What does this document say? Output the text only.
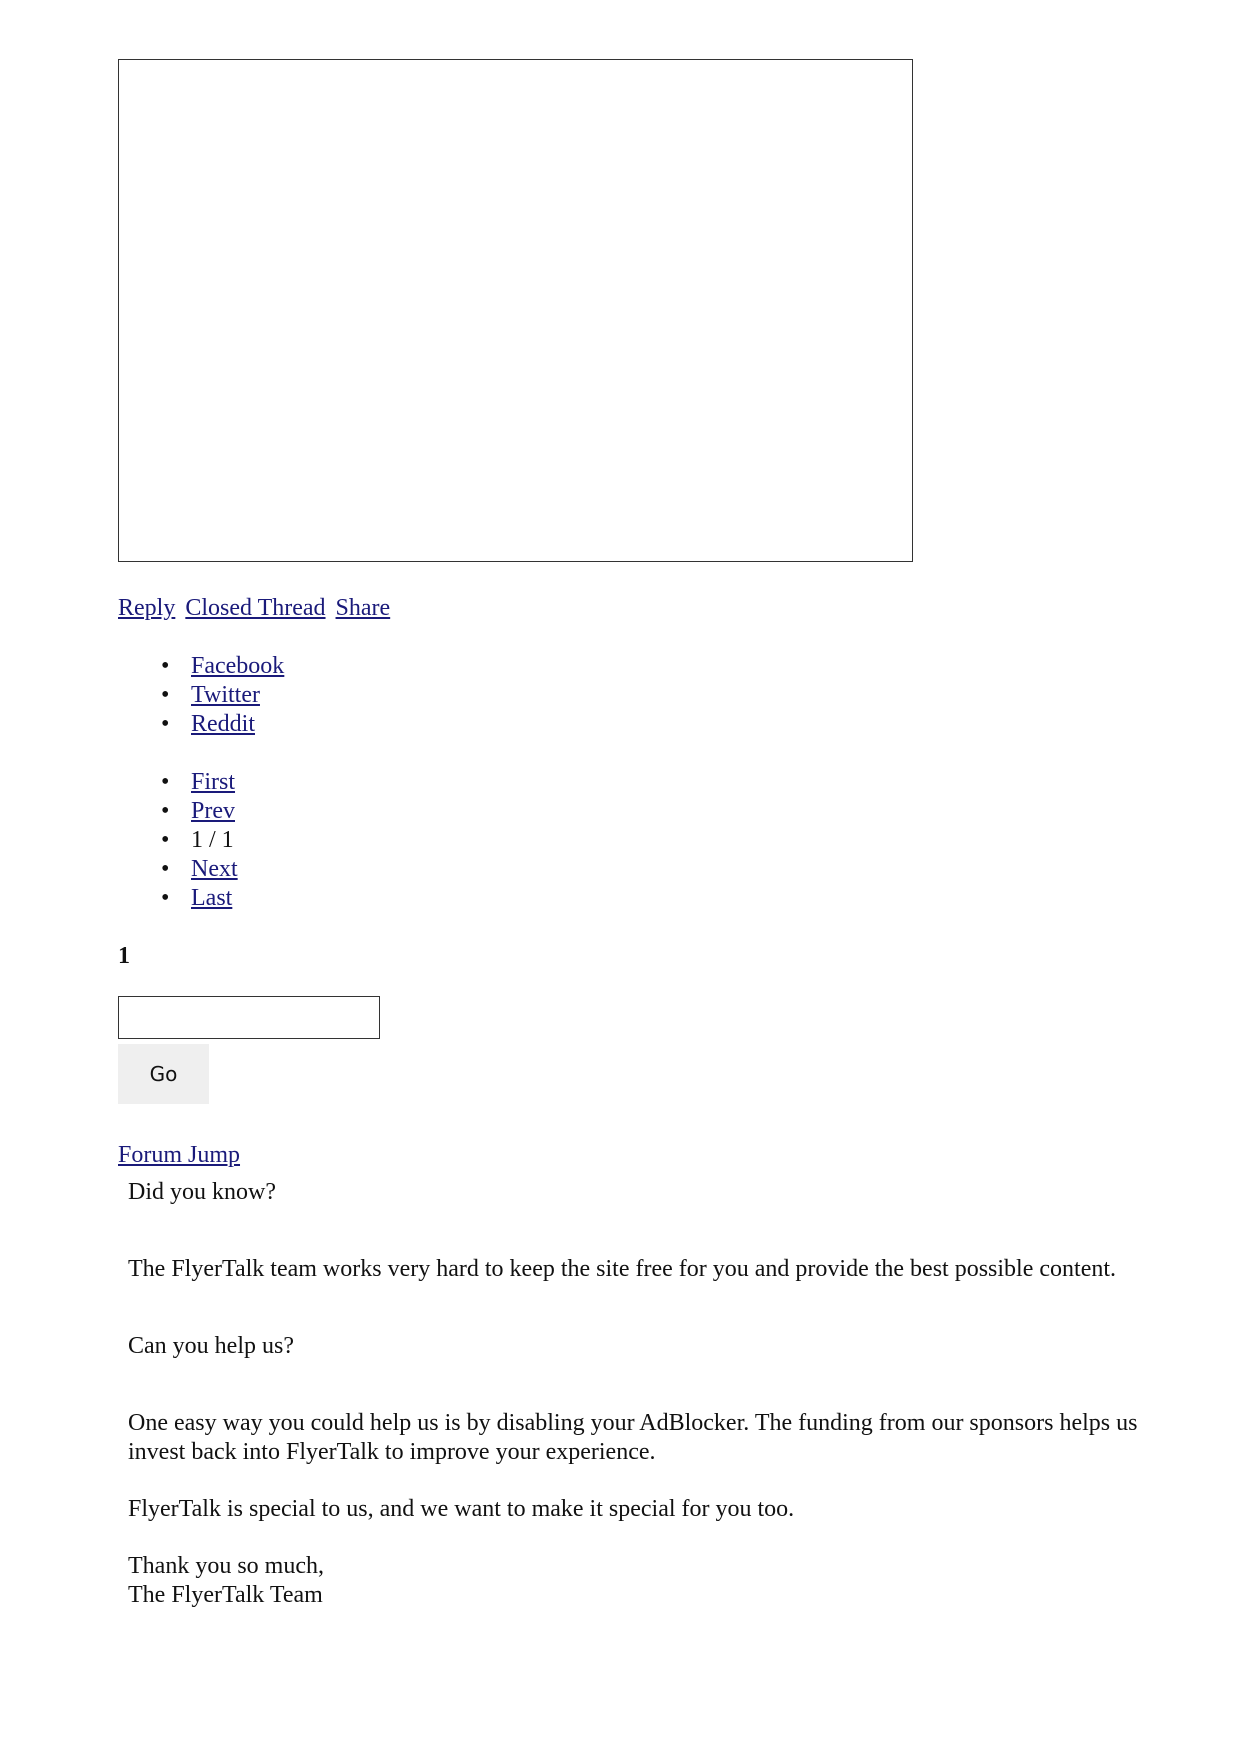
Reply Closed Thread Share
• Facebook
• Twitter
• Reddit
• First
• Prev
• 1 / 1
• Next
• Last
1
Go
Forum Jump

Did you know?

The FlyerTalk team works very hard to keep the site free for you and provide the best possible content.

Can you help us?

One easy way you could help us is by disabling your AdBlocker. The funding from our sponsors helps us invest back into FlyerTalk to improve your experience.

FlyerTalk is special to us, and we want to make it special for you too.

Thank you so much,
The FlyerTalk Team
